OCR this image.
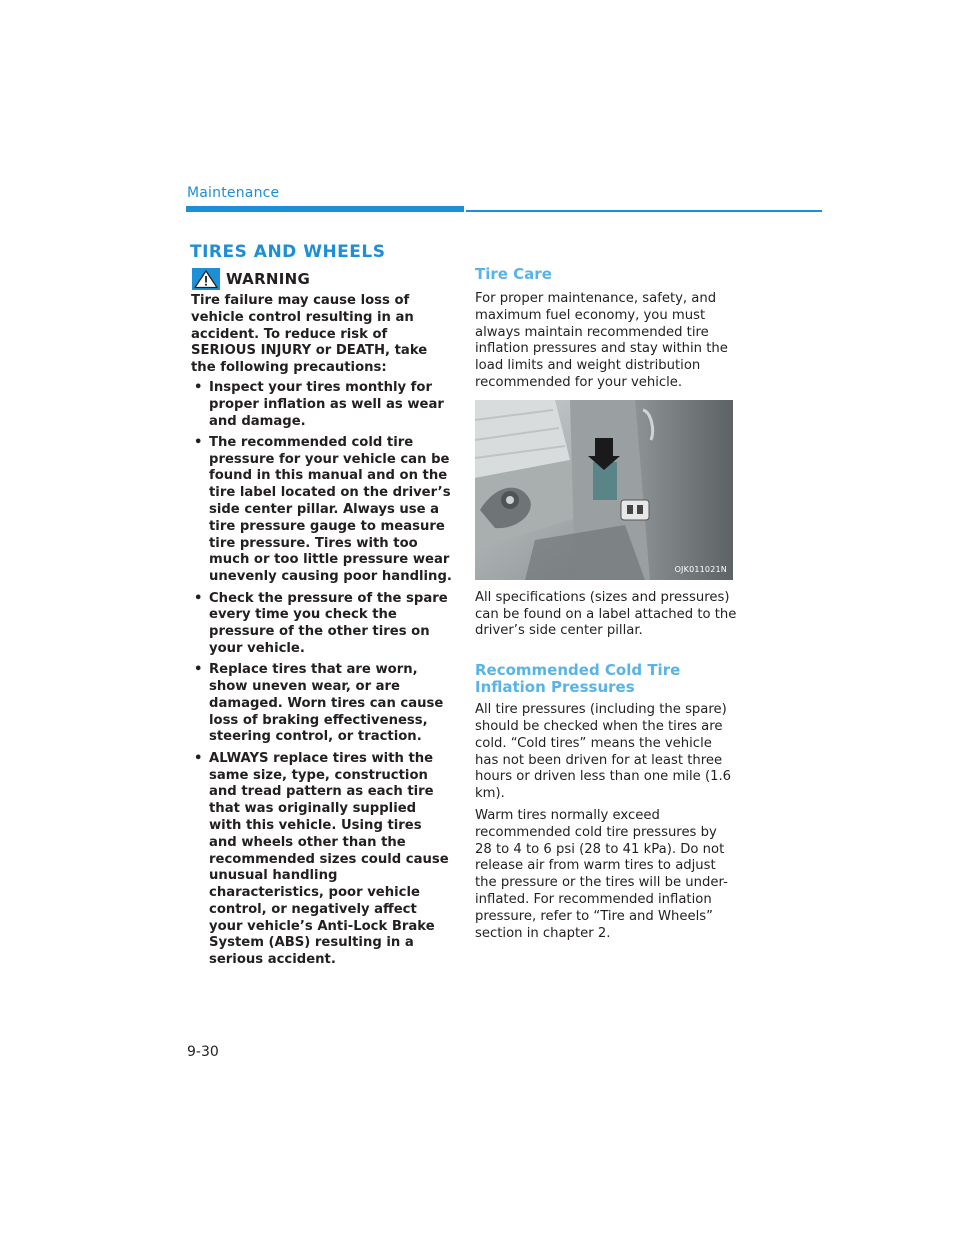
Maintenance
TIRES AND WHEELS
WARNING

Tire failure may cause loss of vehicle control resulting in an accident. To reduce risk of SERIOUS INJURY or DEATH, take the following precautions:

• Inspect your tires monthly for proper inflation as well as wear and damage.
• The recommended cold tire pressure for your vehicle can be found in this manual and on the tire label located on the driver’s side center pillar. Always use a tire pressure gauge to measure tire pressure. Tires with too much or too little pressure wear unevenly causing poor handling.
• Check the pressure of the spare every time you check the pressure of the other tires on your vehicle.
• Replace tires that are worn, show uneven wear, or are damaged. Worn tires can cause loss of braking effectiveness, steering control, or traction.
• ALWAYS replace tires with the same size, type, construction and tread pattern as each tire that was originally supplied with this vehicle. Using tires and wheels other than the recommended sizes could cause unusual handling characteristics, poor vehicle control, or negatively affect your vehicle’s Anti-Lock Brake System (ABS) resulting in a serious accident.
Tire Care

For proper maintenance, safety, and maximum fuel economy, you must always maintain recommended tire inflation pressures and stay within the load limits and weight distribution recommended for your vehicle.

OJK011021N

All specifications (sizes and pressures) can be found on a label attached to the driver’s side center pillar.

Recommended Cold Tire
Inflation Pressures

All tire pressures (including the spare) should be checked when the tires are cold. “Cold tires” means the vehicle has not been driven for at least three hours or driven less than one mile (1.6 km).

Warm tires normally exceed recommended cold tire pressures by 28 to 4 to 6 psi (28 to 41 kPa). Do not release air from warm tires to adjust the pressure or the tires will be under-inflated. For recommended inflation pressure, refer to “Tire and Wheels” section in chapter 2.

9-30
